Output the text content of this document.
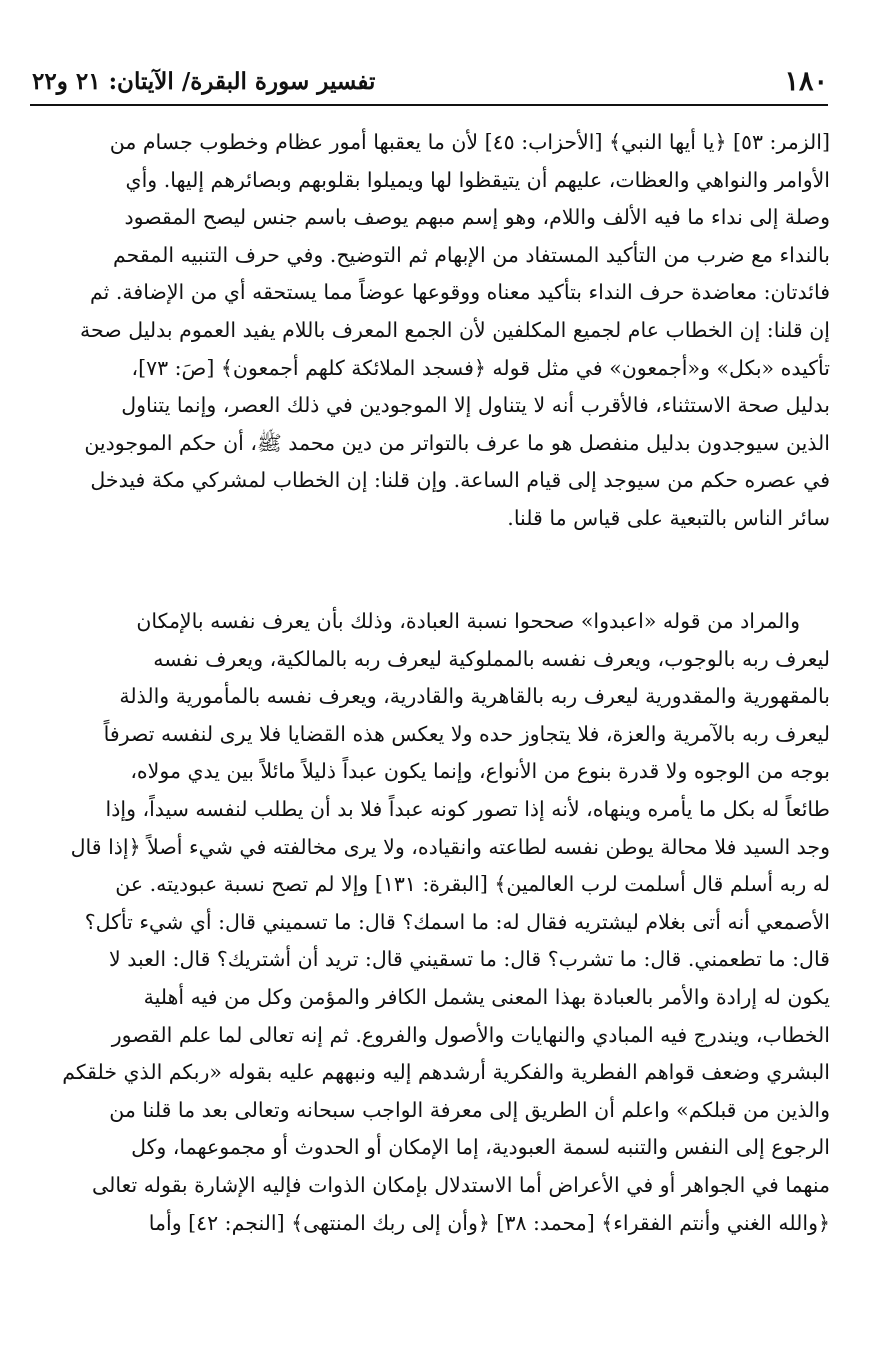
١٨٠
تفسير سورة البقرة/ الآيتان: ٢١ و٢٢
[الزمر: ٥٣] ﴿يا أيها النبي﴾ [الأحزاب: ٤٥] لأن ما يعقبها أمور عظام وخطوب جسام من
الأوامر والنواهي والعظات، عليهم أن يتيقظوا لها ويميلوا بقلوبهم وبصائرهم إليها. وأي
وصلة إلى نداء ما فيه الألف واللام، وهو إسم مبهم يوصف باسم جنس ليصح المقصود
بالنداء مع ضرب من التأكيد المستفاد من الإبهام ثم التوضيح. وفي حرف التنبيه المقحم
فائدتان: معاضدة حرف النداء بتأكيد معناه ووقوعها عوضاً مما يستحقه أي من الإضافة. ثم
إن قلنا: إن الخطاب عام لجميع المكلفين لأن الجمع المعرف باللام يفيد العموم بدليل صحة
تأكيده «بكل» و«أجمعون» في مثل قوله ﴿فسجد الملائكة كلهم أجمعون﴾ [صَ: ٧٣]،
بدليل صحة الاستثناء، فالأقرب أنه لا يتناول إلا الموجودين في ذلك العصر، وإنما يتناول
الذين سيوجدون بدليل منفصل هو ما عرف بالتواتر من دين محمد ﷺ، أن حكم الموجودين
في عصره حكم من سيوجد إلى قيام الساعة. وإن قلنا: إن الخطاب لمشركي مكة فيدخل
سائر الناس بالتبعية على قياس ما قلنا.
والمراد من قوله «اعبدوا» صححوا نسبة العبادة، وذلك بأن يعرف نفسه بالإمكان
ليعرف ربه بالوجوب، ويعرف نفسه بالمملوكية ليعرف ربه بالمالكية، ويعرف نفسه
بالمقهورية والمقدورية ليعرف ربه بالقاهرية والقادرية، ويعرف نفسه بالمأمورية والذلة
ليعرف ربه بالآمرية والعزة، فلا يتجاوز حده ولا يعكس هذه القضايا فلا يرى لنفسه تصرفاً
بوجه من الوجوه ولا قدرة بنوع من الأنواع، وإنما يكون عبداً ذليلاً مائلاً بين يدي مولاه،
طائعاً له بكل ما يأمره وينهاه، لأنه إذا تصور كونه عبداً فلا بد أن يطلب لنفسه سيداً، وإذا
وجد السيد فلا محالة يوطن نفسه لطاعته وانقياده، ولا يرى مخالفته في شيء أصلاً ﴿إذا قال
له ربه أسلم قال أسلمت لرب العالمين﴾ [البقرة: ١٣١] وإلا لم تصح نسبة عبوديته. عن
الأصمعي أنه أتى بغلام ليشتريه فقال له: ما اسمك؟ قال: ما تسميني قال: أي شيء تأكل؟
قال: ما تطعمني. قال: ما تشرب؟ قال: ما تسقيني قال: تريد أن أشتريك؟ قال: العبد لا
يكون له إرادة والأمر بالعبادة بهذا المعنى يشمل الكافر والمؤمن وكل من فيه أهلية
الخطاب، ويندرج فيه المبادي والنهايات والأصول والفروع. ثم إنه تعالى لما علم القصور
البشري وضعف قواهم الفطرية والفكرية أرشدهم إليه ونبههم عليه بقوله «ربكم الذي خلقكم
والذين من قبلكم» واعلم أن الطريق إلى معرفة الواجب سبحانه وتعالى بعد ما قلنا من
الرجوع إلى النفس والتنبه لسمة العبودية، إما الإمكان أو الحدوث أو مجموعهما، وكل
منهما في الجواهر أو في الأعراض أما الاستدلال بإمكان الذوات فإليه الإشارة بقوله تعالى
﴿والله الغني وأنتم الفقراء﴾ [محمد: ٣٨] ﴿وأن إلى ربك المنتهى﴾ [النجم: ٤٢] وأما
